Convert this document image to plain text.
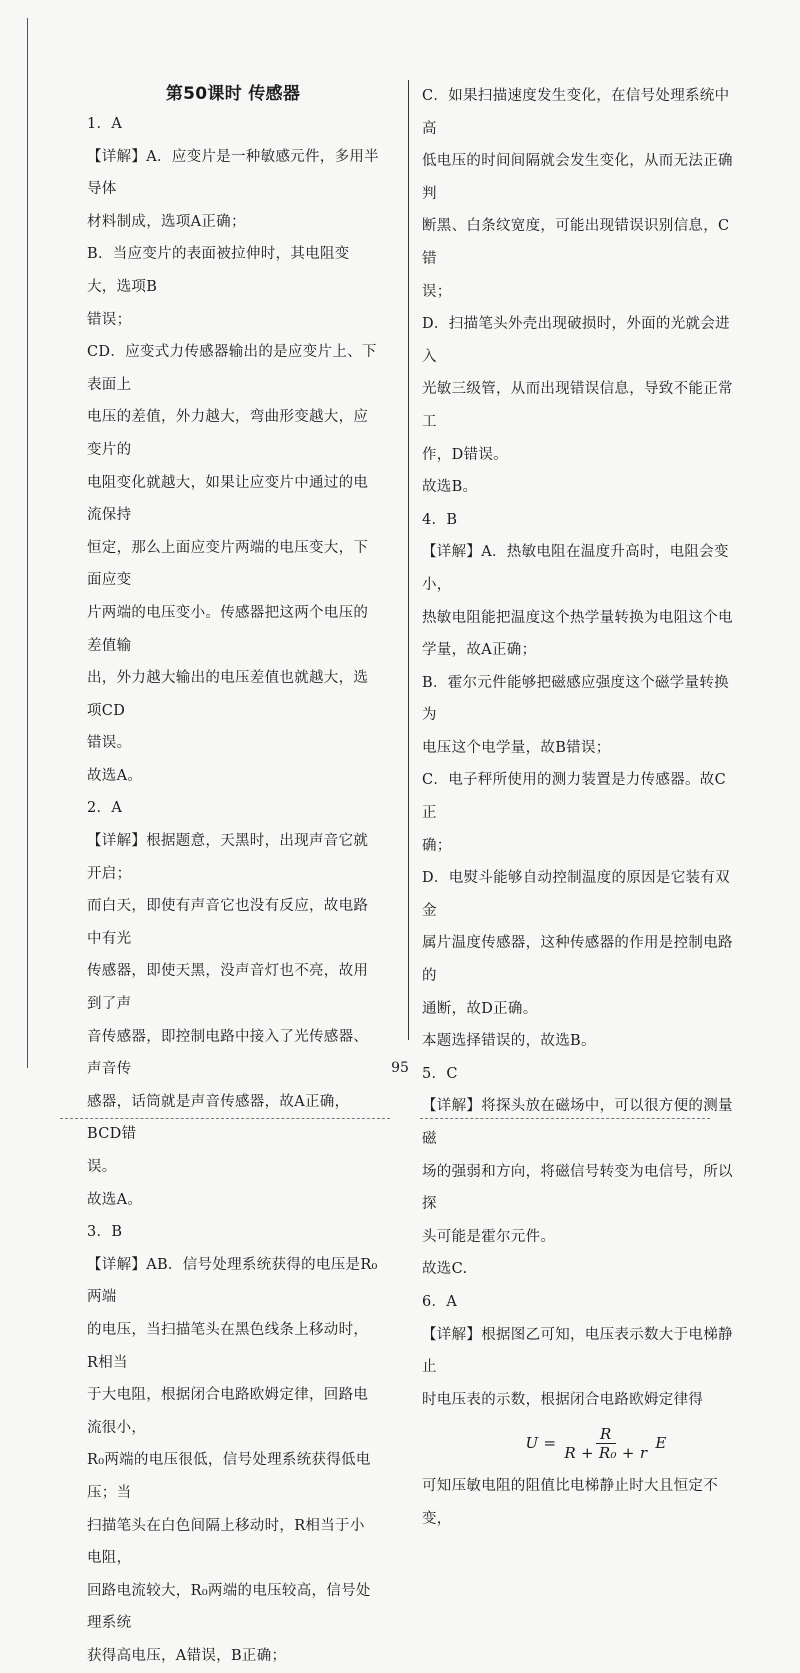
第50课时 传感器

1．A

【详解】A．应变片是一种敏感元件，多用半导体

材料制成，选项A正确；

B．当应变片的表面被拉伸时，其电阻变大，选项B

错误；

CD．应变式力传感器输出的是应变片上、下表面上

电压的差值，外力越大，弯曲形变越大，应变片的

电阻变化就越大，如果让应变片中通过的电流保持

恒定，那么上面应变片两端的电压变大，下面应变

片两端的电压变小。传感器把这两个电压的差值输

出，外力越大输出的电压差值也就越大，选项CD

错误。

故选A。

2．A

【详解】根据题意，天黑时，出现声音它就开启；

而白天，即使有声音它也没有反应，故电路中有光

传感器，即使天黑，没声音灯也不亮，故用到了声

音传感器，即控制电路中接入了光传感器、声音传

感器，话筒就是声音传感器，故A正确，BCD错

误。

故选A。

3．B

【详解】AB．信号处理系统获得的电压是R₀两端

的电压，当扫描笔头在黑色线条上移动时，R相当

于大电阻，根据闭合电路欧姆定律，回路电流很小，

R₀两端的电压很低，信号处理系统获得低电压；当

扫描笔头在白色间隔上移动时，R相当于小电阻，

回路电流较大，R₀两端的电压较高，信号处理系统

获得高电压，A错误，B正确；

C．如果扫描速度发生变化，在信号处理系统中高

低电压的时间间隔就会发生变化，从而无法正确判

断黑、白条纹宽度，可能出现错误识别信息，C错

误；

D．扫描笔头外壳出现破损时，外面的光就会进入

光敏三级管，从而出现错误信息，导致不能正常工

作，D错误。

故选B。

4．B

【详解】A．热敏电阻在温度升高时，电阻会变小，

热敏电阻能把温度这个热学量转换为电阻这个电

学量，故A正确；

B．霍尔元件能够把磁感应强度这个磁学量转换为

电压这个电学量，故B错误；

C．电子秤所使用的测力装置是力传感器。故C正

确；

D．电熨斗能够自动控制温度的原因是它装有双金

属片温度传感器，这种传感器的作用是控制电路的

通断，故D正确。

本题选择错误的，故选B。

5．C

【详解】将探头放在磁场中，可以很方便的测量磁

场的强弱和方向，将磁信号转变为电信号，所以探

头可能是霍尔元件。

故选C.

6．A

【详解】根据图乙可知，电压表示数大于电梯静止

时电压表的示数，根据闭合电路欧姆定律得

$U = \frac{R}{\text{R + R₀ + r}}$ E

可知压敏电阻的阻值比电梯静止时大且恒定不变，

95
